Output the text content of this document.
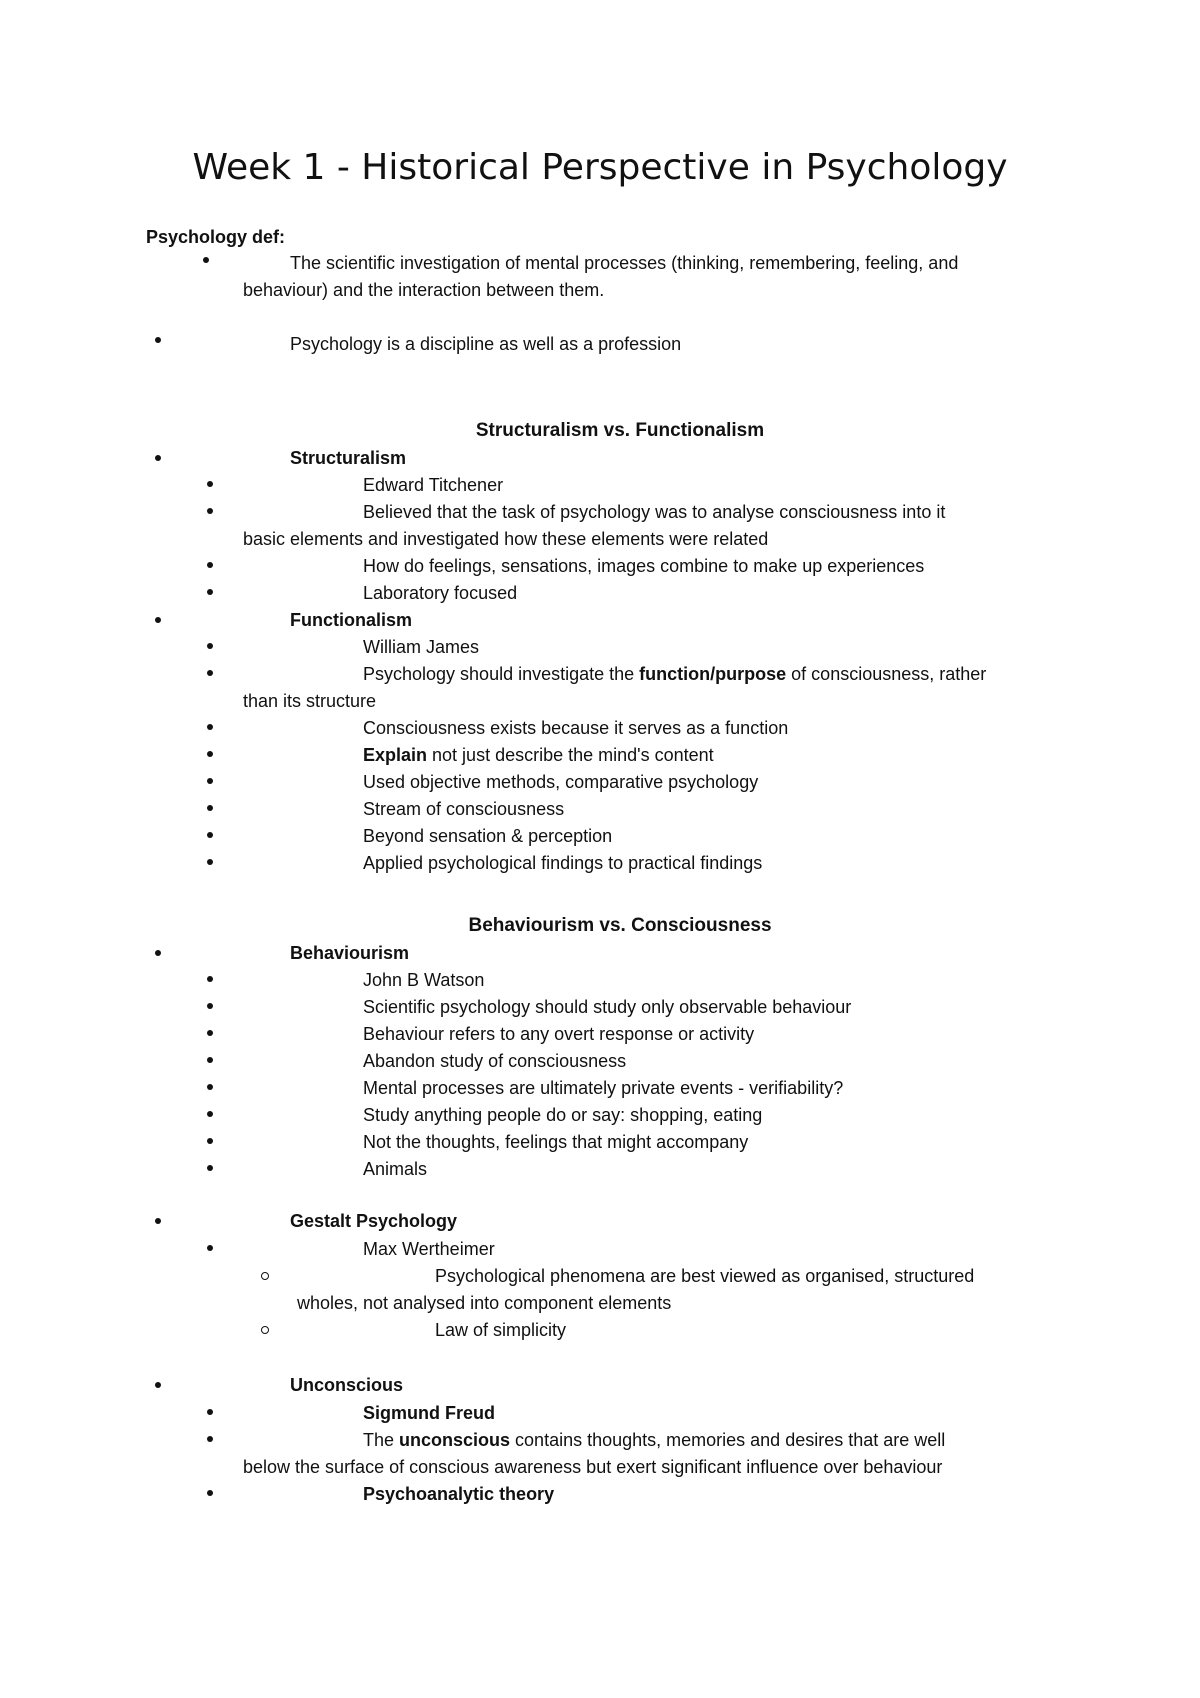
Week 1 - Historical Perspective in Psychology
Psychology def:
The scientific investigation of mental processes (thinking, remembering, feeling, and
behaviour) and the interaction between them.
Psychology is a discipline as well as a profession
Structuralism vs. Functionalism
Structuralism
Edward Titchener
Believed that the task of psychology was to analyse consciousness into it
basic elements and investigated how these elements were related
How do feelings, sensations, images combine to make up experiences
Laboratory focused
Functionalism
William James
Psychology should investigate the function/purpose of consciousness, rather
than its structure
Consciousness exists because it serves as a function
Explain not just describe the mind's content
Used objective methods, comparative psychology
Stream of consciousness
Beyond sensation & perception
Applied psychological findings to practical findings
Behaviourism vs. Consciousness
Behaviourism
John B Watson
Scientific psychology should study only observable behaviour
Behaviour refers to any overt response or activity
Abandon study of consciousness
Mental processes are ultimately private events - verifiability?
Study anything people do or say: shopping, eating
Not the thoughts, feelings that might accompany
Animals
Gestalt Psychology
Max Wertheimer
Psychological phenomena are best viewed as organised, structured
wholes, not analysed into component elements
Law of simplicity
Unconscious
Sigmund Freud
The unconscious contains thoughts, memories and desires that are well
below the surface of conscious awareness but exert significant influence over behaviour
Psychoanalytic theory
